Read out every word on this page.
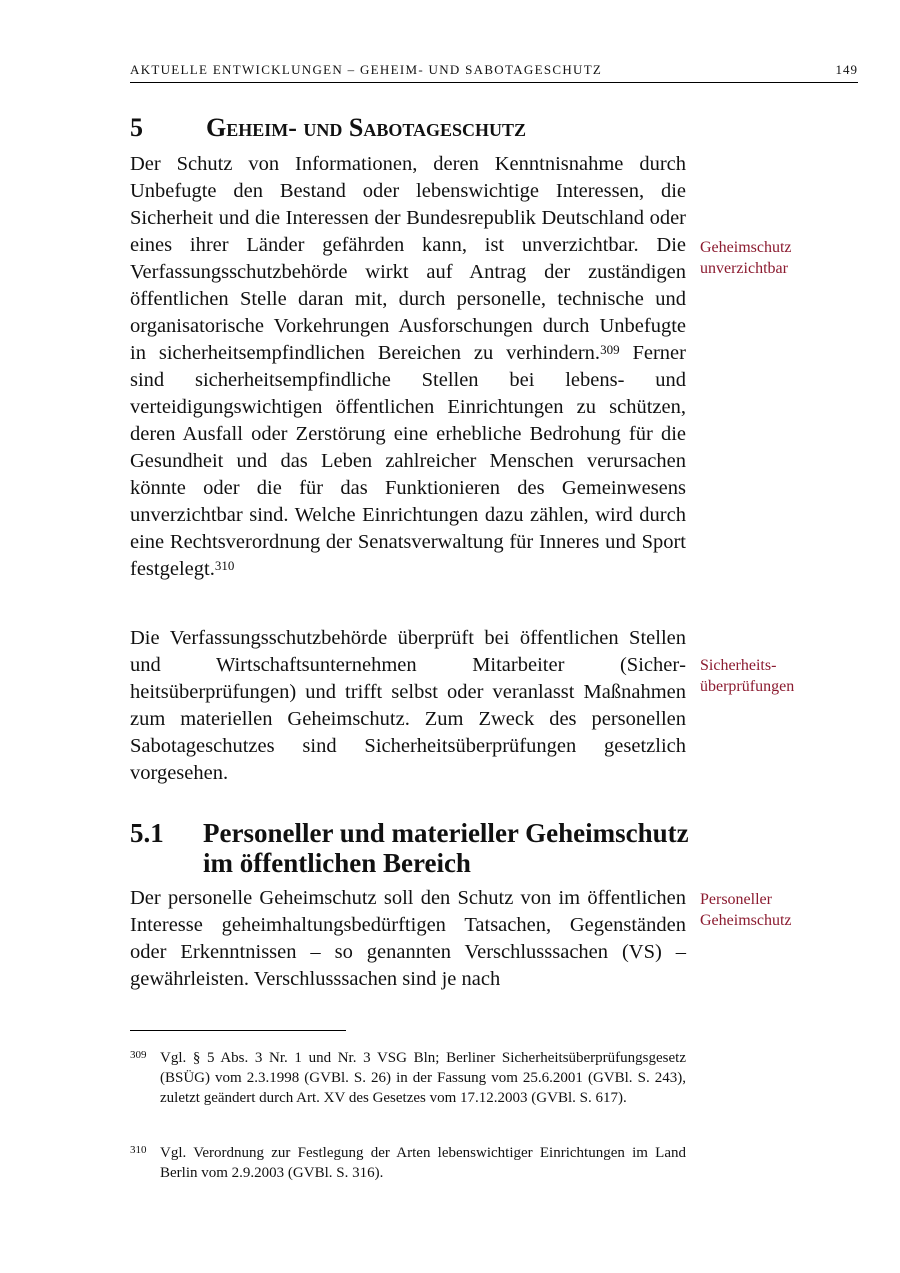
AKTUELLE ENTWICKLUNGEN – GEHEIM- UND SABOTAGESCHUTZ	149
5 Geheim- und Sabotageschutz

Der Schutz von Informationen, deren Kenntnisnahme durch Unbefugte den Bestand oder lebenswichtige Interessen, die Sicherheit und die Interessen der Bundesrepublik Deutschland oder eines ihrer Länder gefährden kann, ist unverzichtbar. Die Verfassungsschutzbehörde wirkt auf Antrag der zuständigen öffentlichen Stelle daran mit, durch personelle, technische und organisatorische Vorkehrungen Ausforschungen durch Unbefugte in sicherheitsempfindlichen Bereichen zu verhindern.$^{309}$ Ferner sind sicherheitsempfindliche Stellen bei lebens- und verteidigungswichtigen öffentlichen Einrichtungen zu schützen, deren Ausfall oder Zerstörung eine erhebliche Bedrohung für die Gesundheit und das Leben zahlreicher Menschen verursachen könnte oder die für das Funktionieren des Gemeinwesens unverzichtbar sind. Welche Einrichtungen dazu zählen, wird durch eine Rechtsverordnung der Senatsverwaltung für Inneres und Sport festgelegt.$^{310}$

Die Verfassungsschutzbehörde überprüft bei öffentlichen Stellen und Wirtschaftsunternehmen Mitarbeiter (Sicherheitsüberprüfungen) und trifft selbst oder veranlasst Maßnahmen zum materiellen Geheimschutz. Zum Zweck des personellen Sabotageschutzes sind Sicherheitsüberprüfungen gesetzlich vorgesehen.

5.1 Personeller und materieller Geheimschutz im öffentlichen Bereich

Der personelle Geheimschutz soll den Schutz von im öffentlichen Interesse geheimhaltungsbedürftigen Tatsachen, Gegenständen oder Erkenntnissen – so genannten Verschlusssachen (VS) – gewährleisten. Verschlusssachen sind je nach

Geheimschutz
unverzichtbar
Sicherheits-
überprüfungen
Personeller
Geheimschutz
309 Vgl. § 5 Abs. 3 Nr. 1 und Nr. 3 VSG Bln; Berliner Sicherheitsüberprüfungsgesetz (BSÜG) vom 2.3.1998 (GVBl. S. 26) in der Fassung vom 25.6.2001 (GVBl. S. 243), zuletzt geändert durch Art. XV des Gesetzes vom 17.12.2003 (GVBl. S. 617).
310 Vgl. Verordnung zur Festlegung der Arten lebenswichtiger Einrichtungen im Land Berlin vom 2.9.2003 (GVBl. S. 316).
